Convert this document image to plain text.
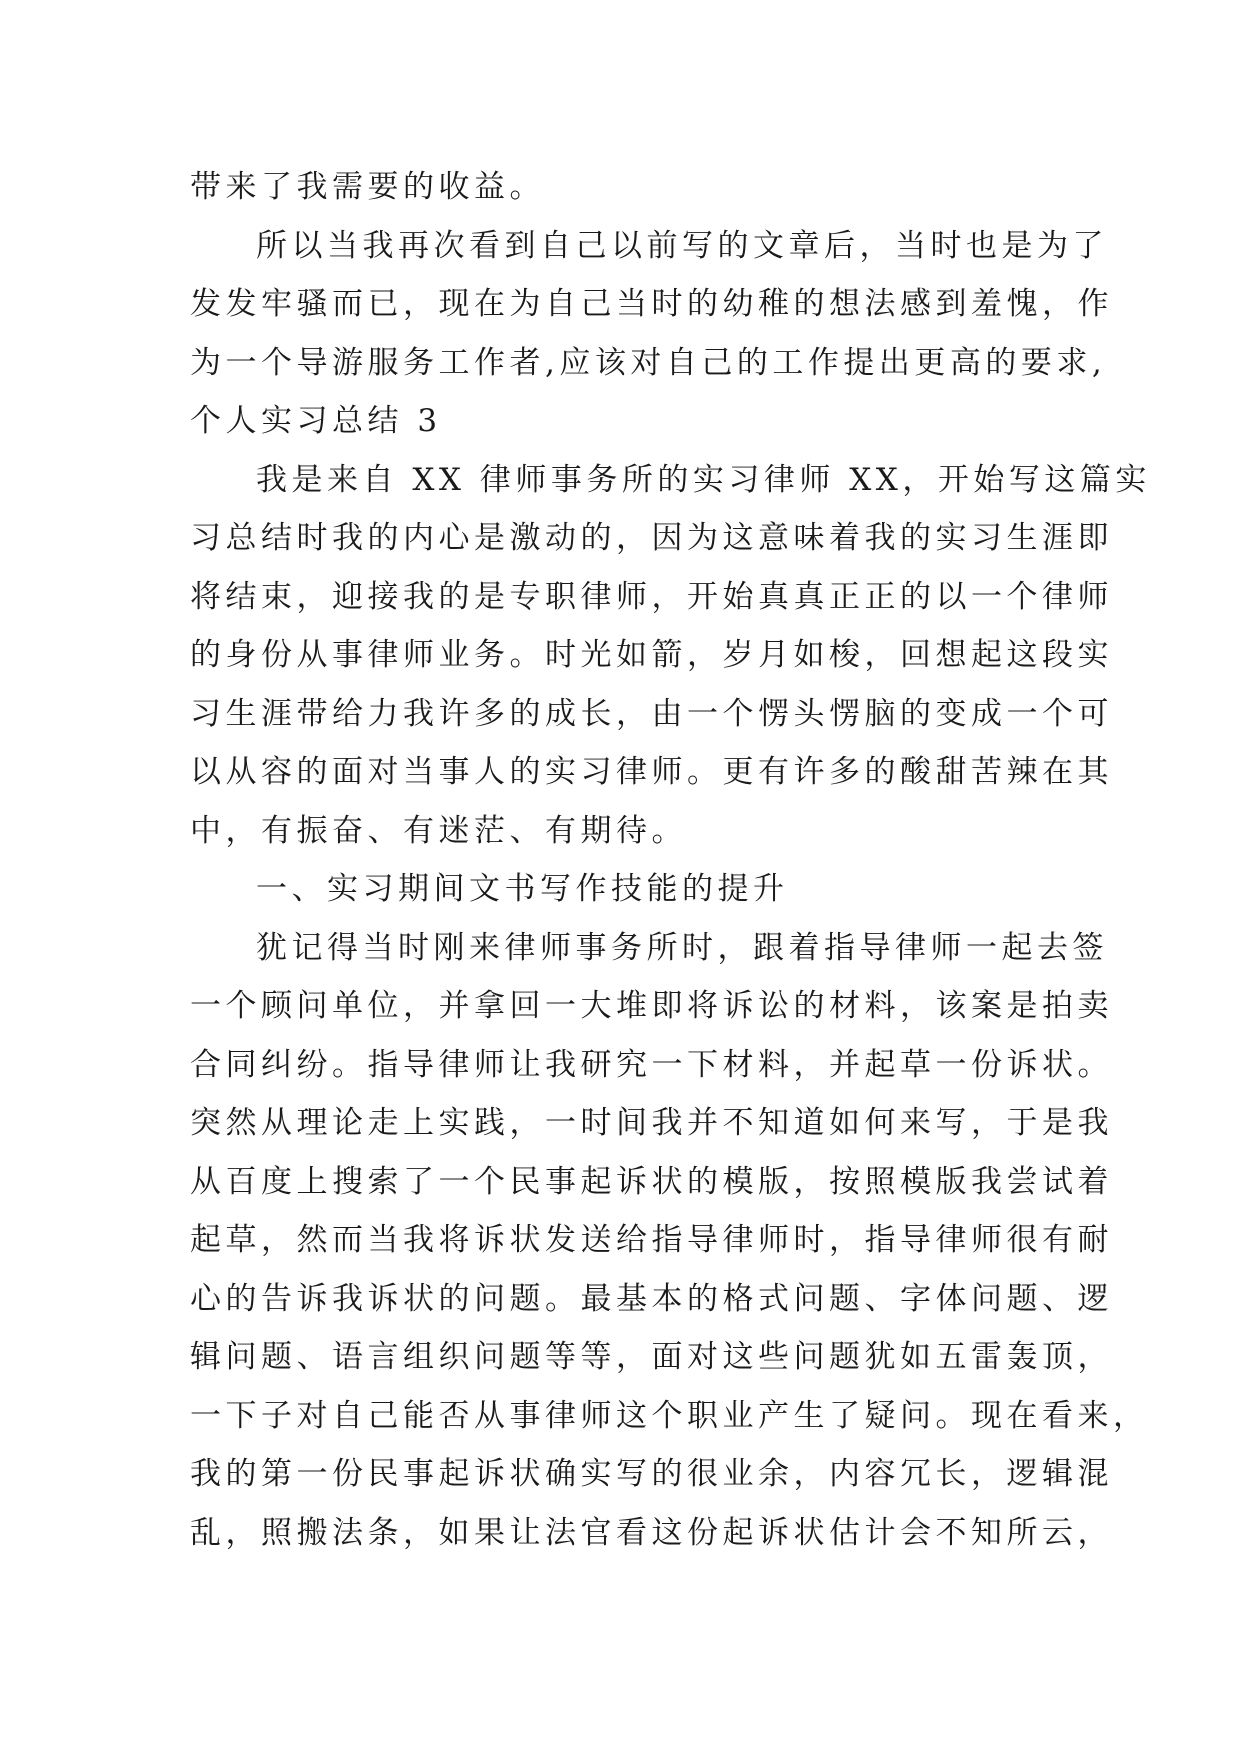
带来了我需要的收益。
所以当我再次看到自己以前写的文章后，当时也是为了
发发牢骚而已，现在为自己当时的幼稚的想法感到羞愧，作
为一个导游服务工作者,应该对自己的工作提出更高的要求,
个人实习总结 3
我是来自 XX 律师事务所的实习律师 XX，开始写这篇实
习总结时我的内心是激动的，因为这意味着我的实习生涯即
将结束，迎接我的是专职律师，开始真真正正的以一个律师
的身份从事律师业务。时光如箭，岁月如梭，回想起这段实
习生涯带给力我许多的成长，由一个愣头愣脑的变成一个可
以从容的面对当事人的实习律师。更有许多的酸甜苦辣在其
中，有振奋、有迷茫、有期待。
一、实习期间文书写作技能的提升
犹记得当时刚来律师事务所时，跟着指导律师一起去签
一个顾问单位，并拿回一大堆即将诉讼的材料，该案是拍卖
合同纠纷。指导律师让我研究一下材料，并起草一份诉状。
突然从理论走上实践，一时间我并不知道如何来写，于是我
从百度上搜索了一个民事起诉状的模版，按照模版我尝试着
起草，然而当我将诉状发送给指导律师时，指导律师很有耐
心的告诉我诉状的问题。最基本的格式问题、字体问题、逻
辑问题、语言组织问题等等，面对这些问题犹如五雷轰顶，
一下子对自己能否从事律师这个职业产生了疑问。现在看来，
我的第一份民事起诉状确实写的很业余，内容冗长，逻辑混
乱，照搬法条，如果让法官看这份起诉状估计会不知所云，
